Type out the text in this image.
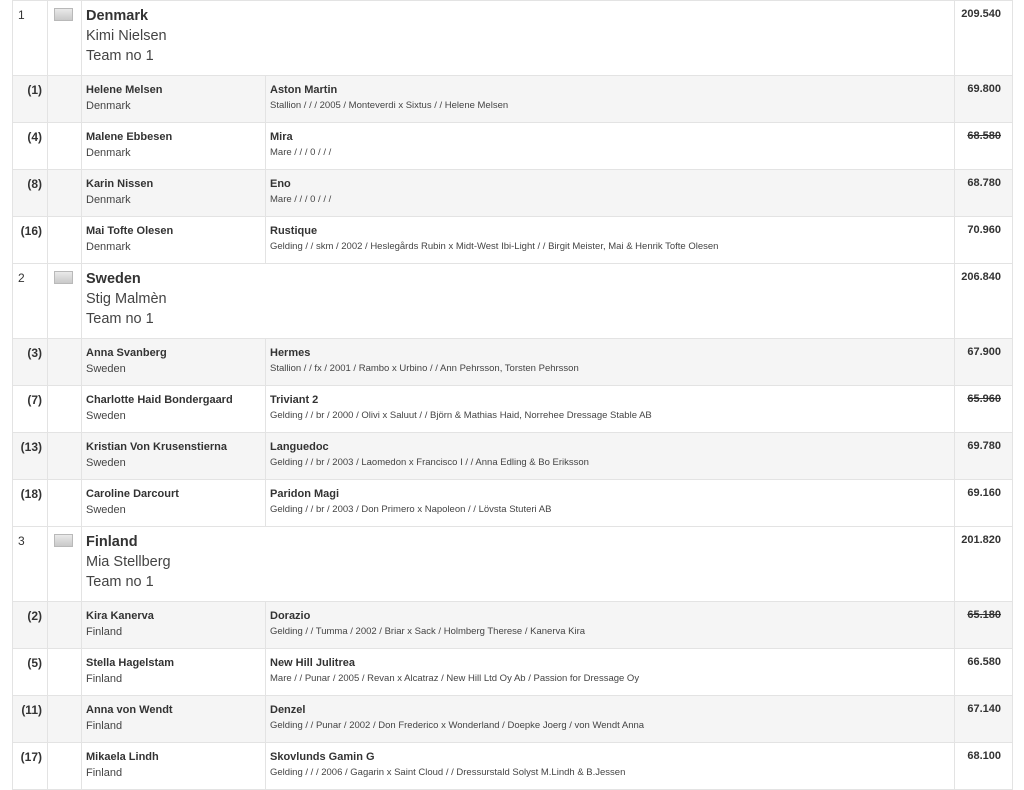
1		Denmark
Kimi Nielsen
Team no 1		209.540
(1)		Helene Melsen
Denmark	Aston Martin
Stallion / / / 2005 / Monteverdi x Sixtus / / Helene Melsen	69.800
(4)		Malene Ebbesen
Denmark	Mira
Mare / / / 0 / / /	68.580
(8)		Karin Nissen
Denmark	Eno
Mare / / / 0 / / /	68.780
(16)		Mai Tofte Olesen
Denmark	Rustique
Gelding / / skm / 2002 / Heslegårds Rubin x Midt-West Ibi-Light / / Birgit Meister, Mai & Henrik Tofte Olesen	70.960
2		Sweden
Stig Malmèn
Team no 1		206.840
(3)		Anna Svanberg
Sweden	Hermes
Stallion / / fx / 2001 / Rambo x Urbino / / Ann Pehrsson, Torsten Pehrsson	67.900
(7)		Charlotte Haid Bondergaard
Sweden	Triviant 2
Gelding / / br / 2000 / Olivi x Saluut / / Björn & Mathias Haid, Norrehee Dressage Stable AB	65.960
(13)		Kristian Von Krusenstierna
Sweden	Languedoc
Gelding / / br / 2003 / Laomedon x Francisco I / / Anna Edling & Bo Eriksson	69.780
(18)		Caroline Darcourt
Sweden	Paridon Magi
Gelding / / br / 2003 / Don Primero x Napoleon / / Lövsta Stuteri AB	69.160
3		Finland
Mia Stellberg
Team no 1		201.820
(2)		Kira Kanerva
Finland	Dorazio
Gelding / / Tumma / 2002 / Briar x Sack / Holmberg Therese / Kanerva Kira	65.180
(5)		Stella Hagelstam
Finland	New Hill Julitrea
Mare / / Punar / 2005 / Revan x Alcatraz / New Hill Ltd Oy Ab / Passion for Dressage Oy	66.580
(11)		Anna von Wendt
Finland	Denzel
Gelding / / Punar / 2002 / Don Frederico x Wonderland / Doepke Joerg / von Wendt Anna	67.140
(17)		Mikaela Lindh
Finland	Skovlunds Gamin G
Gelding / / / 2006 / Gagarin x Saint Cloud / / Dressurstald Solyst M.Lindh & B.Jessen	68.100
